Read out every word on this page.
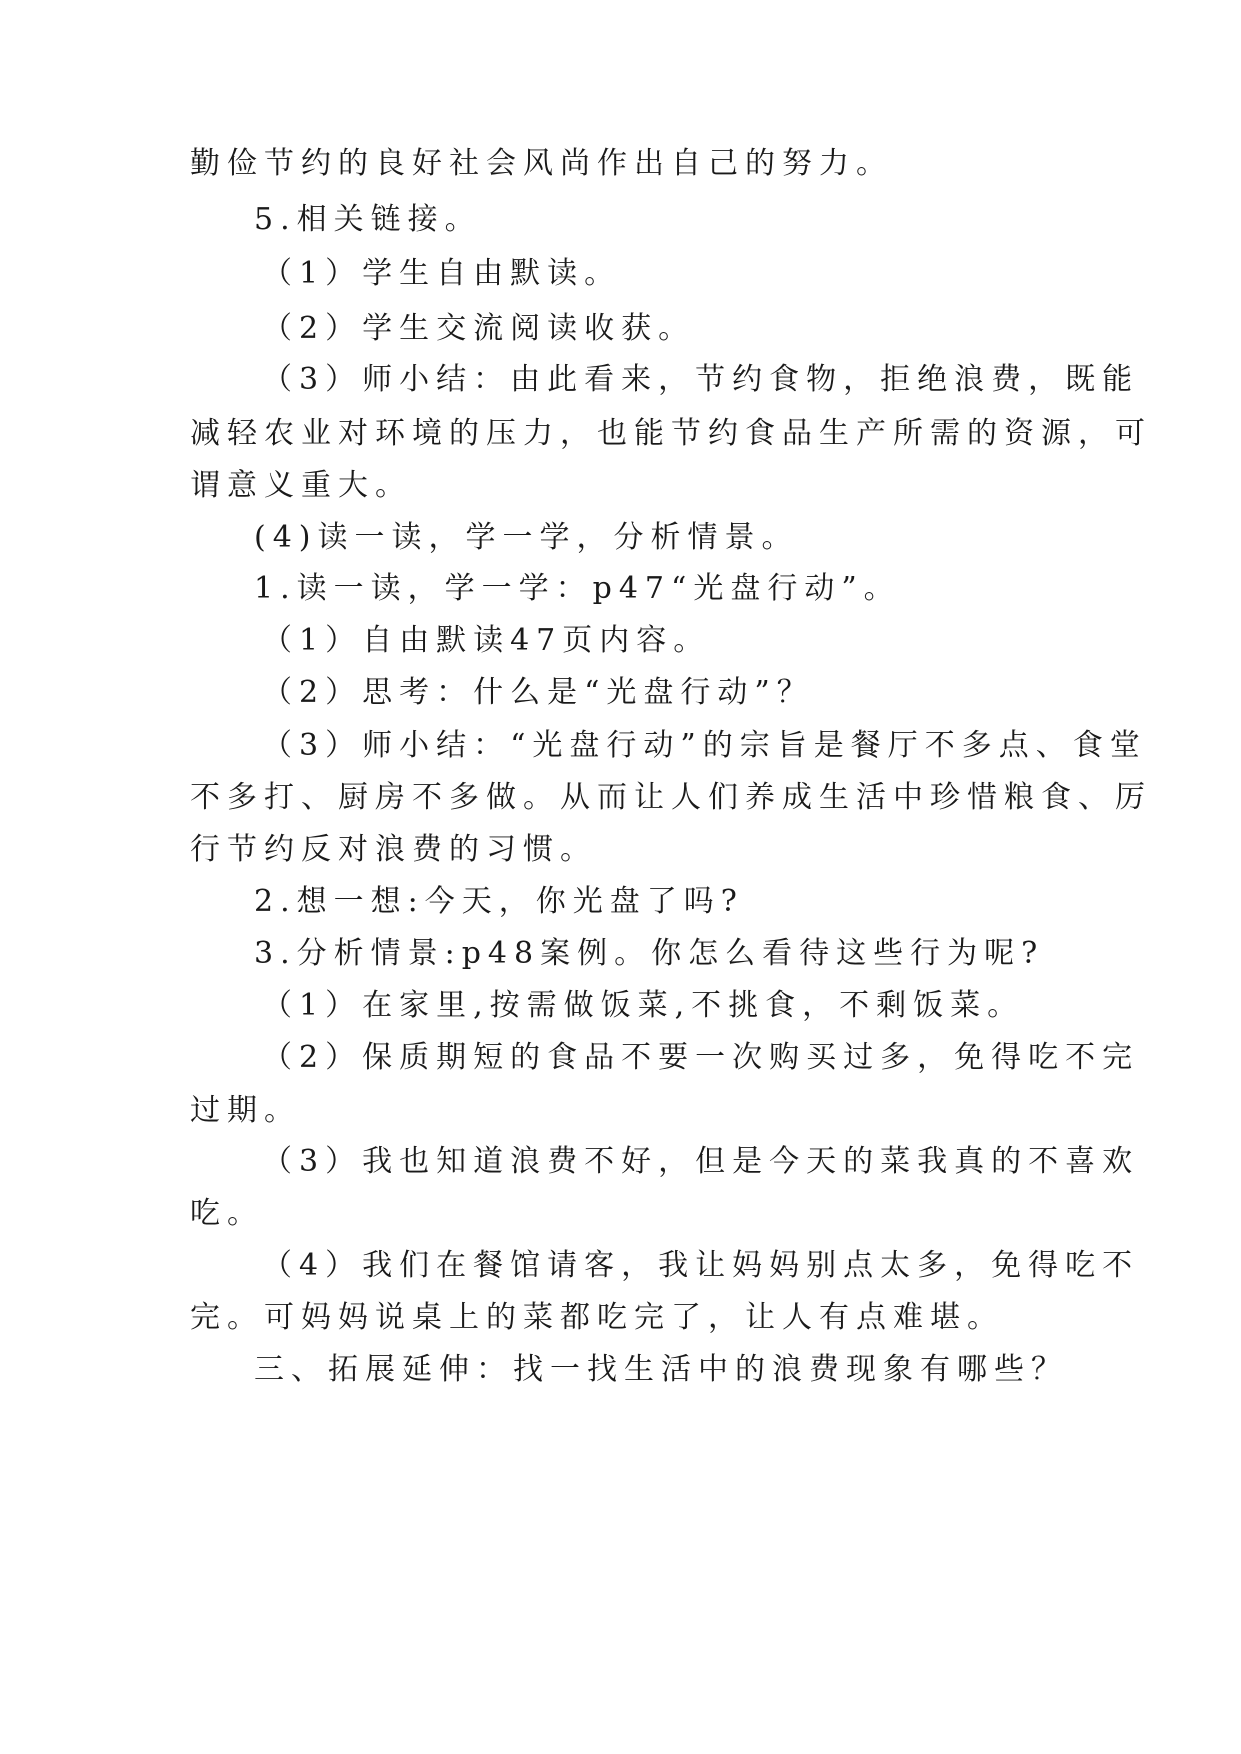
勤俭节约的良好社会风尚作出自己的努力。
5.相关链接。
（1）学生自由默读。
（2）学生交流阅读收获。
（3）师小结：由此看来，节约食物，拒绝浪费，既能
减轻农业对环境的压力，也能节约食品生产所需的资源，可
谓意义重大。
(4)读一读，学一学，分析情景。
1.读一读，学一学：p47“光盘行动”。
（1）自由默读47页内容。
（2）思考：什么是“光盘行动”？
（3）师小结：“光盘行动”的宗旨是餐厅不多点、食堂
不多打、厨房不多做。从而让人们养成生活中珍惜粮食、厉
行节约反对浪费的习惯。
2.想一想:今天，你光盘了吗?
3.分析情景:p48案例。你怎么看待这些行为呢?
（1）在家里,按需做饭菜,不挑食，不剩饭菜。
（2）保质期短的食品不要一次购买过多，免得吃不完
过期。
（3）我也知道浪费不好，但是今天的菜我真的不喜欢
吃。
（4）我们在餐馆请客，我让妈妈别点太多，免得吃不
完。可妈妈说桌上的菜都吃完了，让人有点难堪。
三、拓展延伸：找一找生活中的浪费现象有哪些？
